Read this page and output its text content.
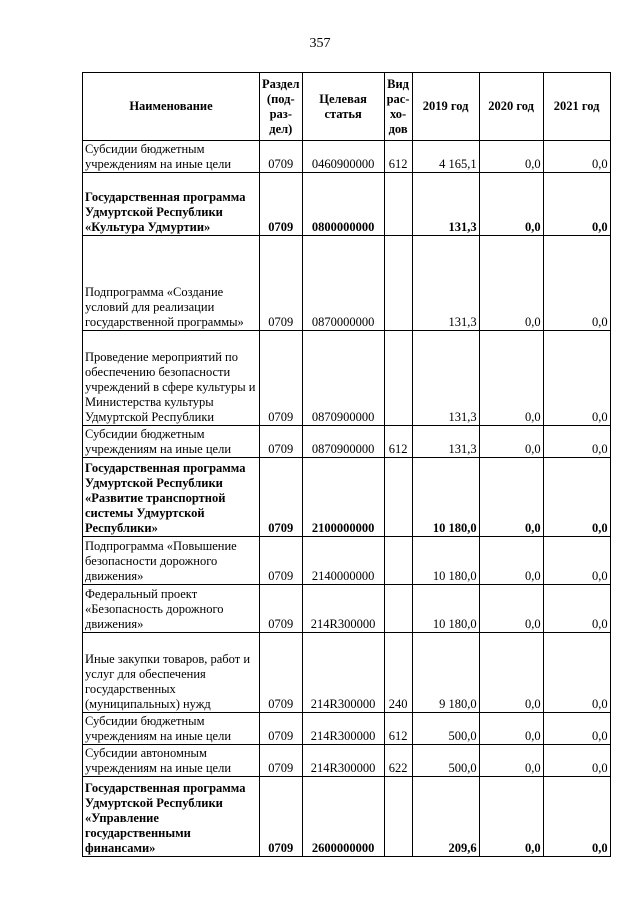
357
Наименование	Раздел (под-раз-дел)	Целевая статья	Вид рас-хо-дов	2019 год	2020 год	2021 год
Субсидии бюджетным учреждениям на иные цели	0709	0460900000	612	4 165,1	0,0	0,0
Государственная программа Удмуртской Республики «Культура Удмуртии»	0709	0800000000		131,3	0,0	0,0
Подпрограмма «Создание условий для реализации государственной программы»	0709	0870000000		131,3	0,0	0,0
Проведение мероприятий по обеспечению безопасности учреждений в сфере культуры и Министерства культуры Удмуртской Республики	0709	0870900000		131,3	0,0	0,0
Субсидии бюджетным учреждениям на иные цели	0709	0870900000	612	131,3	0,0	0,0
Государственная программа Удмуртской Республики «Развитие транспортной системы Удмуртской Республики»	0709	2100000000		10 180,0	0,0	0,0
Подпрограмма «Повышение безопасности дорожного движения»	0709	2140000000		10 180,0	0,0	0,0
Федеральный проект «Безопасность дорожного движения»	0709	214R300000		10 180,0	0,0	0,0
Иные закупки товаров, работ и услуг для обеспечения государственных (муниципальных) нужд	0709	214R300000	240	9 180,0	0,0	0,0
Субсидии бюджетным учреждениям на иные цели	0709	214R300000	612	500,0	0,0	0,0
Субсидии автономным учреждениям на иные цели	0709	214R300000	622	500,0	0,0	0,0
Государственная программа Удмуртской Республики «Управление государственными финансами»	0709	2600000000		209,6	0,0	0,0
